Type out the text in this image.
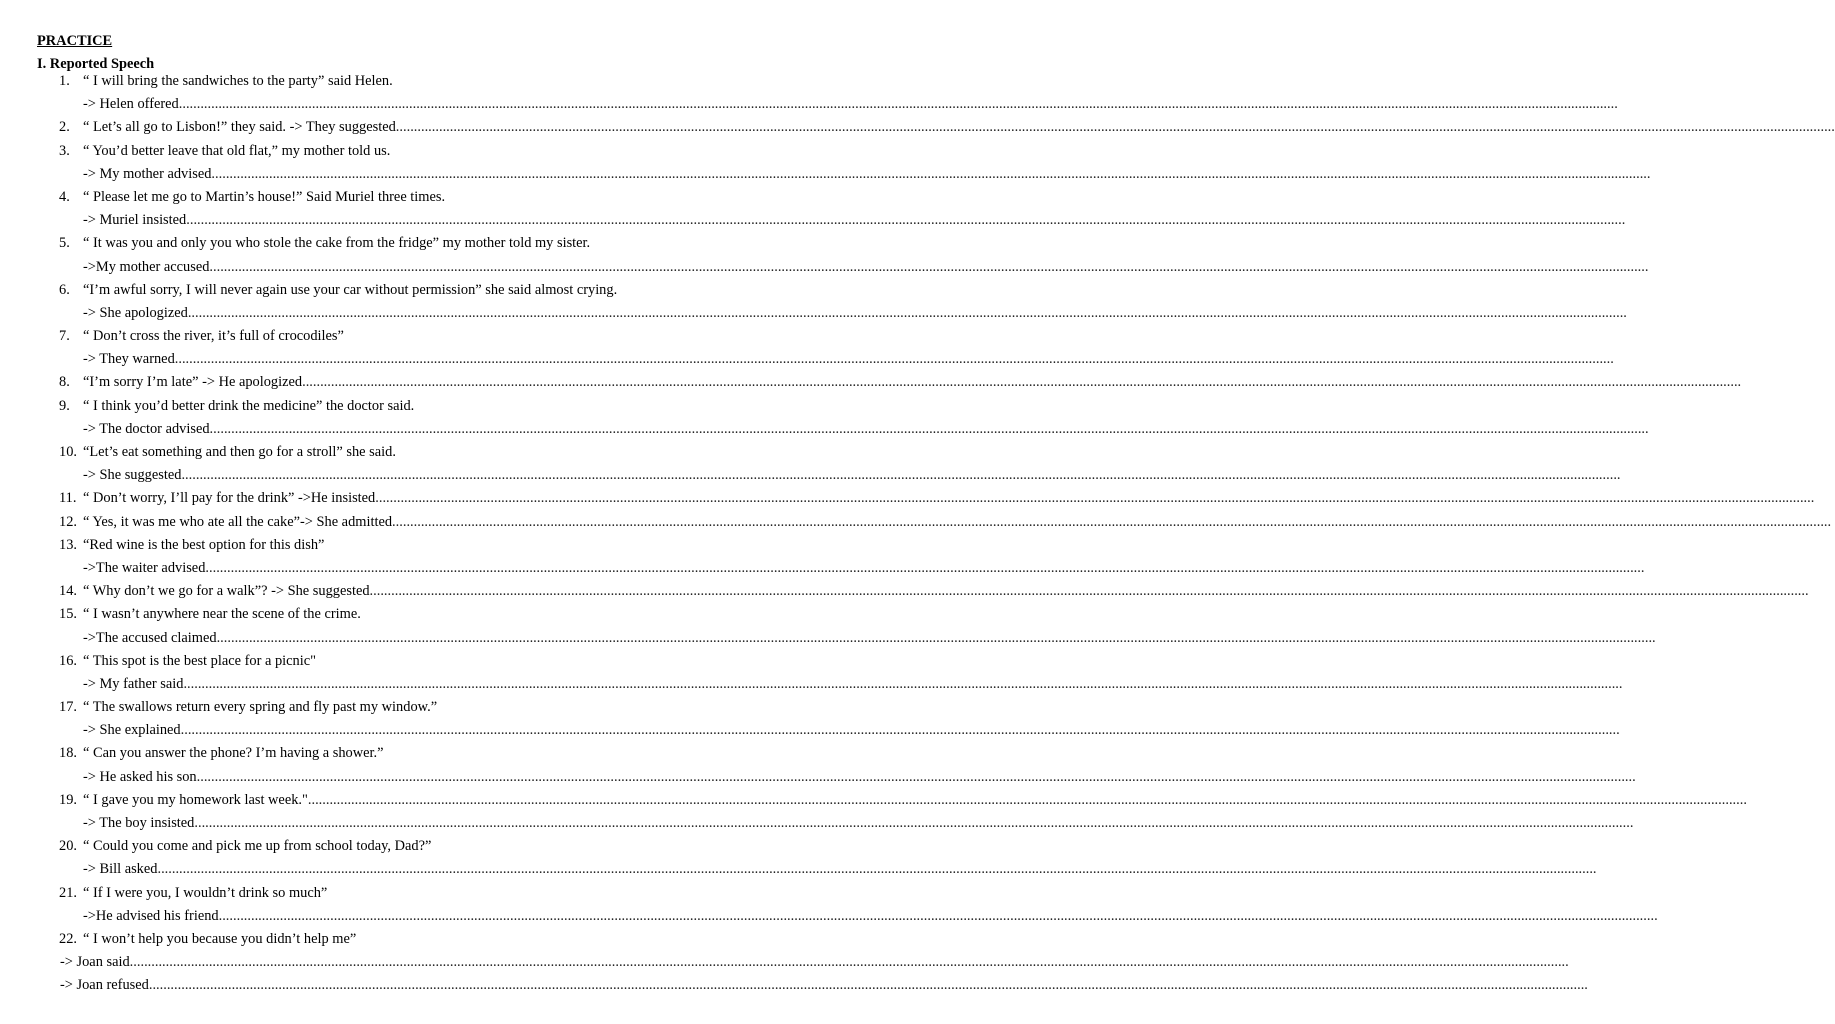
PRACTICE
I. Reported Speech
1. “ I will bring the sandwiches to the party” said Helen.
-> Helen offered ................................................................................................................................................................................................................................................................................................................................................................................................................
2. “ Let’s all go to Lisbon!” they said. -> They suggested ................................................................................................................................................................................................................................................................................................................................................................................................................
3. “ You’d better leave that old flat,” my mother told us.
-> My mother advised ................................................................................................................................................................................................................................................................................................................................................................................................................
4. “ Please let me go to Martin’s house!” Said Muriel three times.
-> Muriel insisted ................................................................................................................................................................................................................................................................................................................................................................................................................
5. “ It was you and only you who stole the cake from the fridge” my mother told my sister.
->My mother accused ................................................................................................................................................................................................................................................................................................................................................................................................................
6. “I’m awful sorry, I will never again use your car without permission” she said almost crying.
-> She apologized ................................................................................................................................................................................................................................................................................................................................................................................................................
7. “ Don’t cross the river, it’s full of crocodiles”
-> They warned ................................................................................................................................................................................................................................................................................................................................................................................................................
8. “I’m sorry I’m late” -> He apologized ................................................................................................................................................................................................................................................................................................................................................................................................................
9. “ I think you’d better drink the medicine” the doctor said.
-> The doctor advised ................................................................................................................................................................................................................................................................................................................................................................................................................
10. “Let’s eat something and then go for a stroll” she said.
-> She suggested ................................................................................................................................................................................................................................................................................................................................................................................................................
11. “ Don’t worry, I’ll pay for the drink” ->He insisted ................................................................................................................................................................................................................................................................................................................................................................................................................
12. “ Yes, it was me who ate all the cake”-> She admitted ................................................................................................................................................................................................................................................................................................................................................................................................................
13. “Red wine is the best option for this dish”
->The waiter advised ................................................................................................................................................................................................................................................................................................................................................................................................................
14. “ Why don’t we go for a walk”? -> She suggested ................................................................................................................................................................................................................................................................................................................................................................................................................
15. “ I wasn’t anywhere near the scene of the crime.
->The accused claimed ................................................................................................................................................................................................................................................................................................................................................................................................................
16. “ This spot is the best place for a picnic"
-> My father said ................................................................................................................................................................................................................................................................................................................................................................................................................
17. “ The swallows return every spring and fly past my window.”
-> She explained ................................................................................................................................................................................................................................................................................................................................................................................................................
18. “ Can you answer the phone? I’m having a shower.”
-> He asked his son ................................................................................................................................................................................................................................................................................................................................................................................................................
19. “ I gave you my homework last week." ................................................................................................................................................................................................................................................................................................................................................................................................................
-> The boy insisted ................................................................................................................................................................................................................................................................................................................................................................................................................
20. “ Could you come and pick me up from school today, Dad?”
-> Bill asked ................................................................................................................................................................................................................................................................................................................................................................................................................
21. “ If I were you, I wouldn’t drink so much”
->He advised his friend ................................................................................................................................................................................................................................................................................................................................................................................................................
22. “ I won’t help you because you didn’t help me”
-> Joan said ................................................................................................................................................................................................................................................................................................................................................................................................................
-> Joan refused ................................................................................................................................................................................................................................................................................................................................................................................................................
